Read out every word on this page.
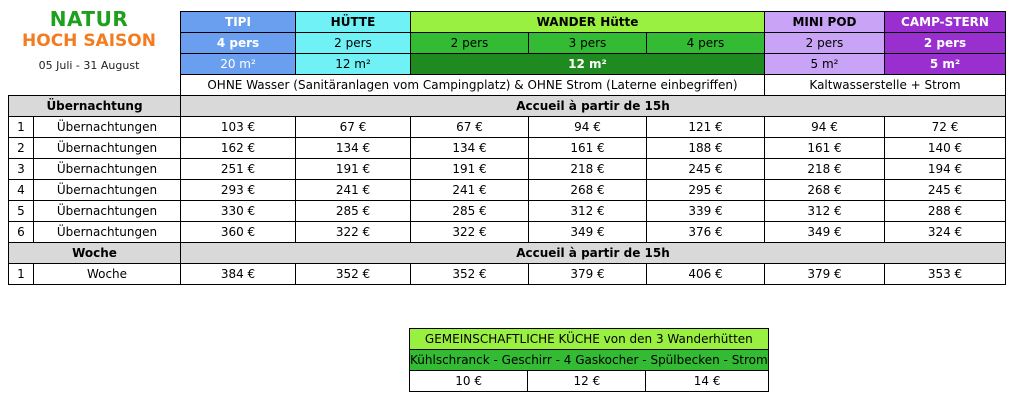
NATUR
HOCH SAISON
05 Juli - 31 August
		TIPI	HÜTTE	WANDER Hütte			MINI POD	CAMP-STERN
		4 pers	2 pers	2 pers	3 pers	4 pers	2 pers	2 pers
		20 m²	12 m²	12 m²			5 m²	5 m²
		OHNE Wasser (Sanitäranlagen vom Campingplatz) & OHNE Strom (Laterne einbegriffen)					Kaltwasserstelle + Strom	
Übernachtung		Accueil à partir de 15h						
1	Übernachtungen	103 €	67 €	67 €	94 €	121 €	94 €	72 €
2	Übernachtungen	162 €	134 €	134 €	161 €	188 €	161 €	140 €
3	Übernachtungen	251 €	191 €	191 €	218 €	245 €	218 €	194 €
4	Übernachtungen	293 €	241 €	241 €	268 €	295 €	268 €	245 €
5	Übernachtungen	330 €	285 €	285 €	312 €	339 €	312 €	288 €
6	Übernachtungen	360 €	322 €	322 €	349 €	376 €	349 €	324 €
Woche		Accueil à partir de 15h						
1	Woche	384 €	352 €	352 €	379 €	406 €	379 €	353 €
GEMEINSCHAFTLICHE KÜCHE von den 3 Wanderhütten
Kühlschranck - Geschirr - 4 Gaskocher - Spülbecken - Strom
10 €	12 €	14 €
